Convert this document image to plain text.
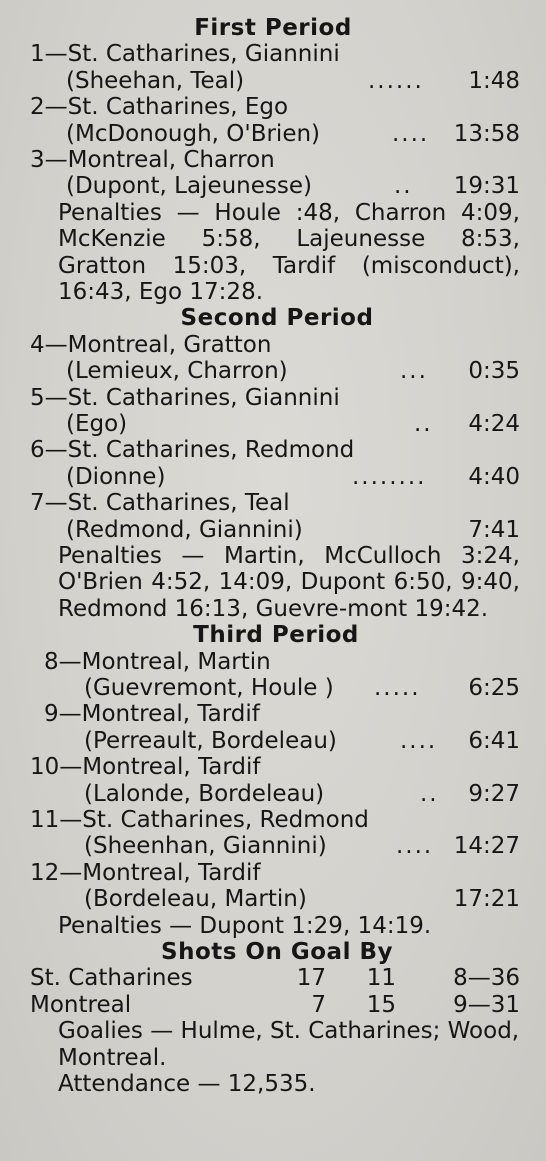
First Period
1—St. Catharines, Giannini
(Sheehan, Teal)	...... 1:48
2—St. Catharines, Ego
(McDonough, O'Brien)	.... 13:58
3—Montreal, Charron
(Dupont, Lajeunesse)	.. 19:31
Penalties — Houle :48, Charron 4:09, McKenzie 5:58, Lajeunesse 8:53, Gratton 15:03, Tardif (misconduct), 16:43, Ego 17:28.
Second Period
4—Montreal, Gratton
(Lemieux, Charron)	... 0:35
5—St. Catharines, Giannini
(Ego)	.. 4:24
6—St. Catharines, Redmond
(Dionne)	........ 4:40
7—St. Catharines, Teal
(Redmond, Giannini)	7:41
Penalties — Martin, McCulloch 3:24, O'Brien 4:52, 14:09, Dupont 6:50, 9:40, Redmond 16:13, Guevre-mont 19:42.
Third Period
8—Montreal, Martin
(Guevremont, Houle ) ..... 6:25
9—Montreal, Tardif
(Perreault, Bordeleau)	.... 6:41
10—Montreal, Tardif
(Lalonde, Bordeleau)	.. 9:27
11—St. Catharines, Redmond
(Sheenhan, Giannini)	.... 14:27
12—Montreal, Tardif
(Bordeleau, Martin)	17:21
Penalties — Dupont 1:29, 14:19.
Shots On Goal By
St. Catharines	17 11 8—36
Montreal	7 15 9—31
Goalies — Hulme, St. Catharines; Wood, Montreal.
Attendance — 12,535.
